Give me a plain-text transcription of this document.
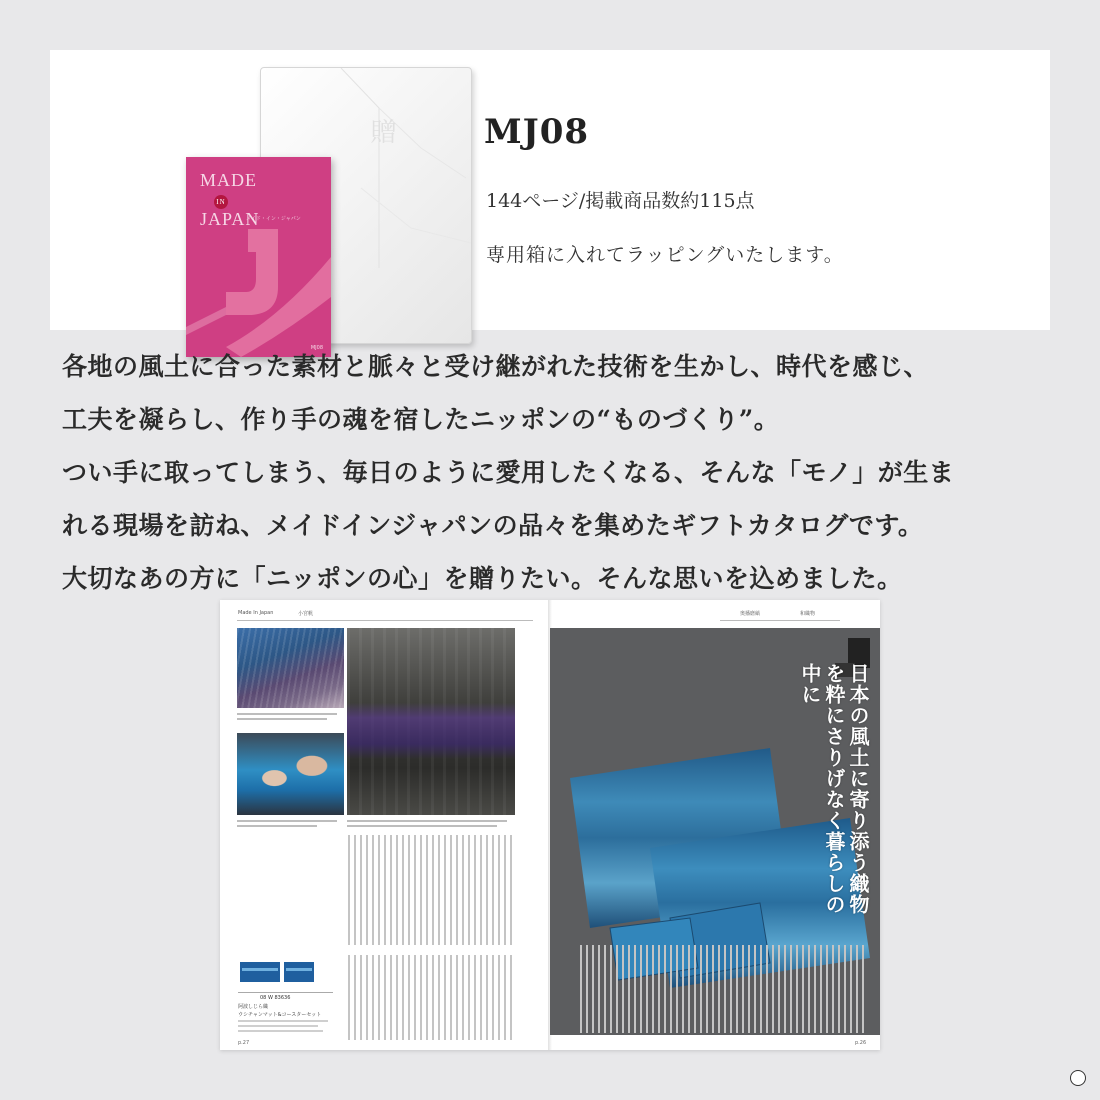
贈
MADE
IN
JAPAN
メイド・イン・ジャパン
MJ08
MJ08
144ページ/掲載商品数約115点
専用箱に入れてラッピングいたします。
各地の風土に合った素材と脈々と受け継がれた技術を生かし、時代を感じ、
工夫を凝らし、作り手の魂を宿したニッポンの“ものづくり”。
つい手に取ってしまう、毎日のように愛用したくなる、そんな「モノ」が生ま
れる現場を訪ね、メイドインジャパンの品々を集めたギフトカタログです。
大切なあの方に「ニッポンの心」を贈りたい。そんな思いを込めました。
Made In Japan	小宮帆	奥播磨縞	和織物
08 W 83636
阿波しじら織
ウシチャンマット&コースターセット
p.27
日本の風土に寄り添う織物を粋にさりげなく暮らしの中に
p.26
